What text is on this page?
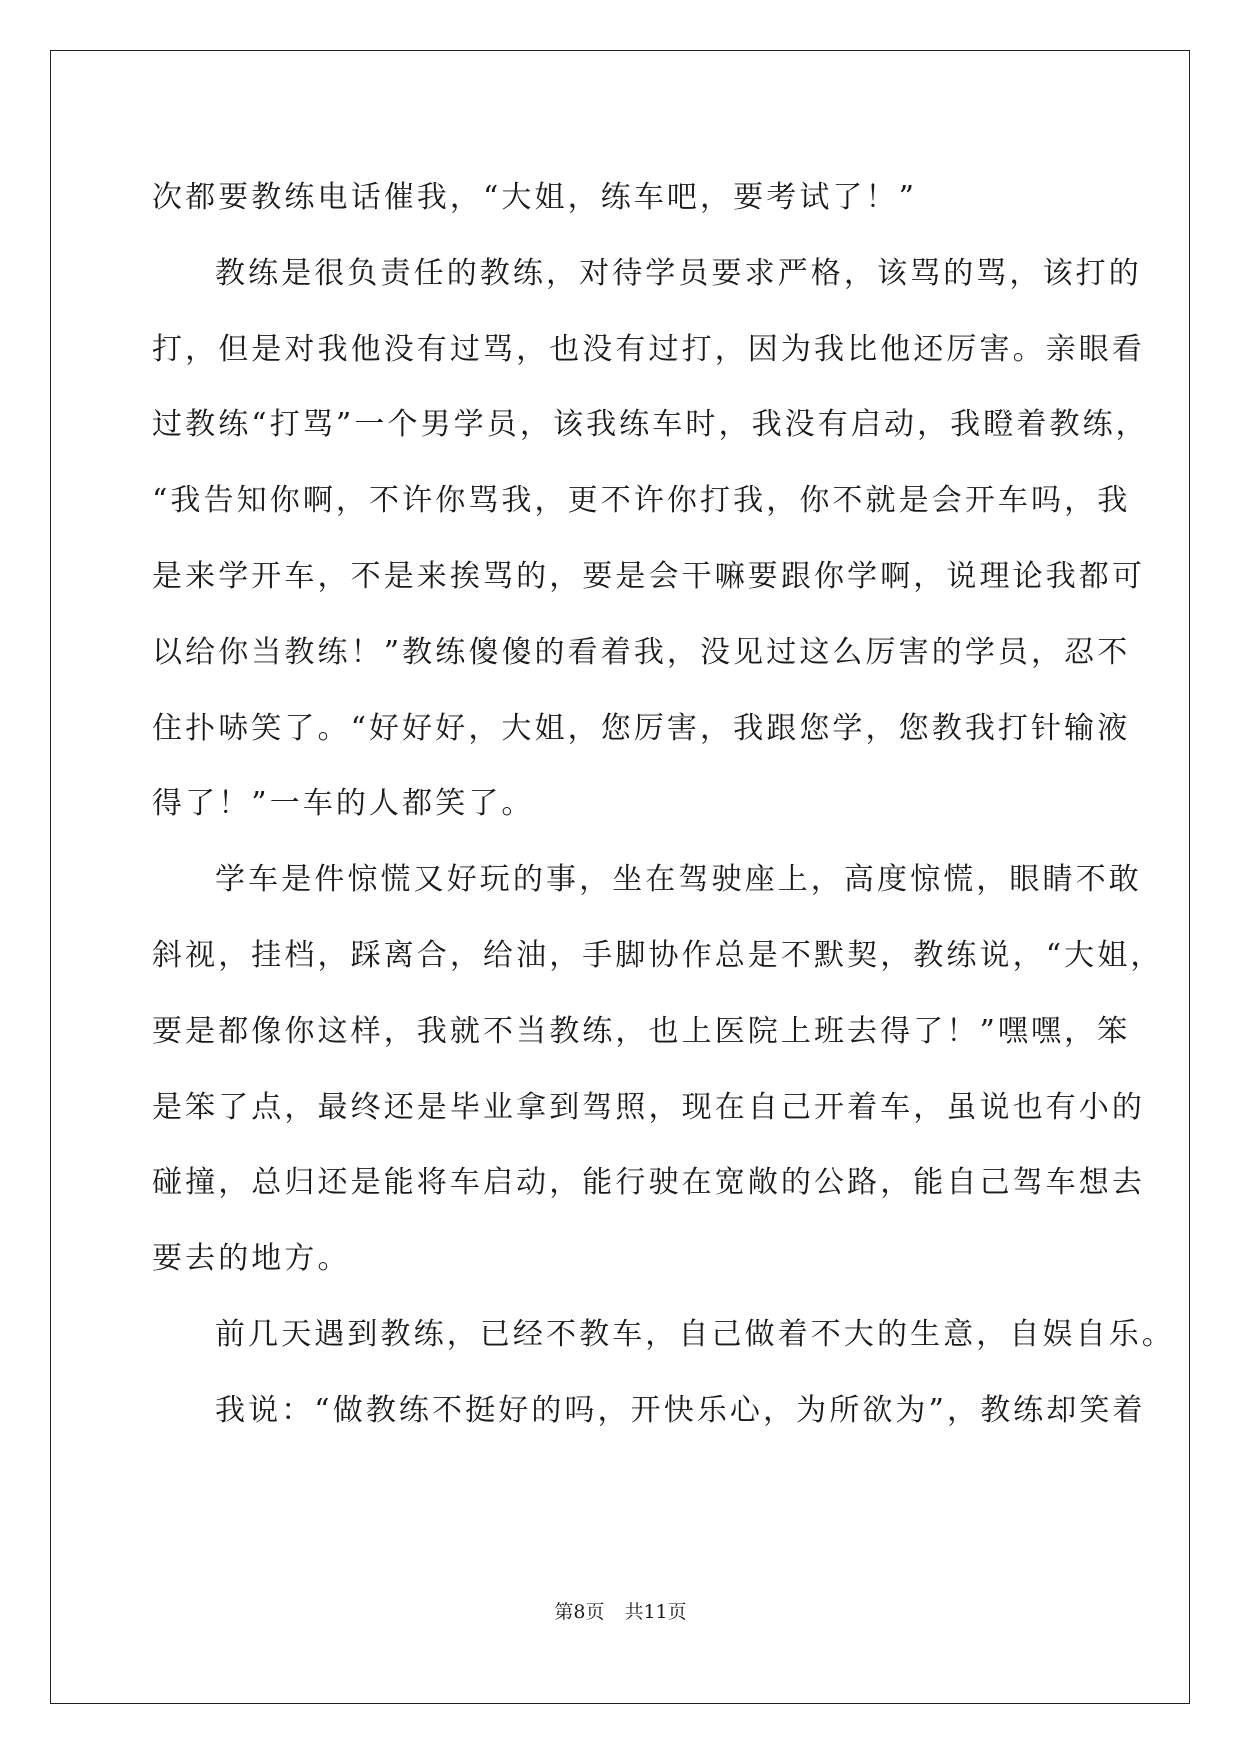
次都要教练电话催我，“大姐，练车吧，要考试了！”
教练是很负责任的教练，对待学员要求严格，该骂的骂，该打的
打，但是对我他没有过骂，也没有过打，因为我比他还厉害。亲眼看
过教练“打骂”一个男学员，该我练车时，我没有启动，我瞪着教练，
“我告知你啊，不许你骂我，更不许你打我，你不就是会开车吗，我
是来学开车，不是来挨骂的，要是会干嘛要跟你学啊，说理论我都可
以给你当教练！”教练傻傻的看着我，没见过这么厉害的学员，忍不
住扑哧笑了。“好好好，大姐，您厉害，我跟您学，您教我打针输液
得了！”一车的人都笑了。
学车是件惊慌又好玩的事，坐在驾驶座上，高度惊慌，眼睛不敢
斜视，挂档，踩离合，给油，手脚协作总是不默契，教练说，“大姐，
要是都像你这样，我就不当教练，也上医院上班去得了！”嘿嘿，笨
是笨了点，最终还是毕业拿到驾照，现在自己开着车，虽说也有小的
碰撞，总归还是能将车启动，能行驶在宽敞的公路，能自己驾车想去
要去的地方。
前几天遇到教练，已经不教车，自己做着不大的生意，自娱自乐。
我说：“做教练不挺好的吗，开快乐心，为所欲为”，教练却笑着
第8页 共11页
